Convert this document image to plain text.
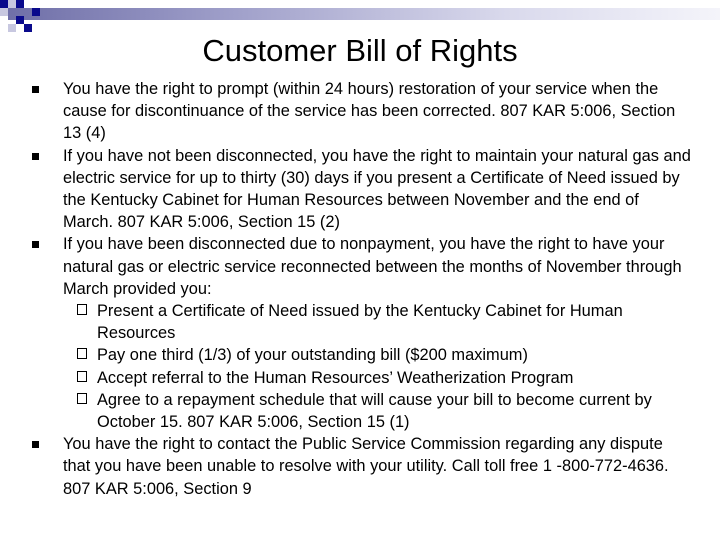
Customer Bill of Rights
You have the right to prompt (within 24 hours) restoration of your service when the cause for discontinuance of the service has been corrected. 807 KAR 5:006, Section 13 (4)
If you have not been disconnected, you have the right to maintain your natural gas and electric service for up to thirty (30) days if you present a Certificate of Need issued by the Kentucky Cabinet for Human Resources between November and the end of March. 807 KAR 5:006, Section 15 (2)
If you have been disconnected due to nonpayment, you have the right to have your natural gas or electric service reconnected between the months of November through March provided you:
Present a Certificate of Need issued by the Kentucky Cabinet for Human Resources
Pay one third (1/3) of your outstanding bill ($200 maximum)
Accept referral to the Human Resources’ Weatherization Program
Agree to a repayment schedule that will cause your bill to become current by October 15. 807 KAR 5:006, Section 15 (1)
You have the right to contact the Public Service Commission regarding any dispute that you have been unable to resolve with your utility. Call toll free 1 -800-772-4636. 807 KAR 5:006, Section 9
